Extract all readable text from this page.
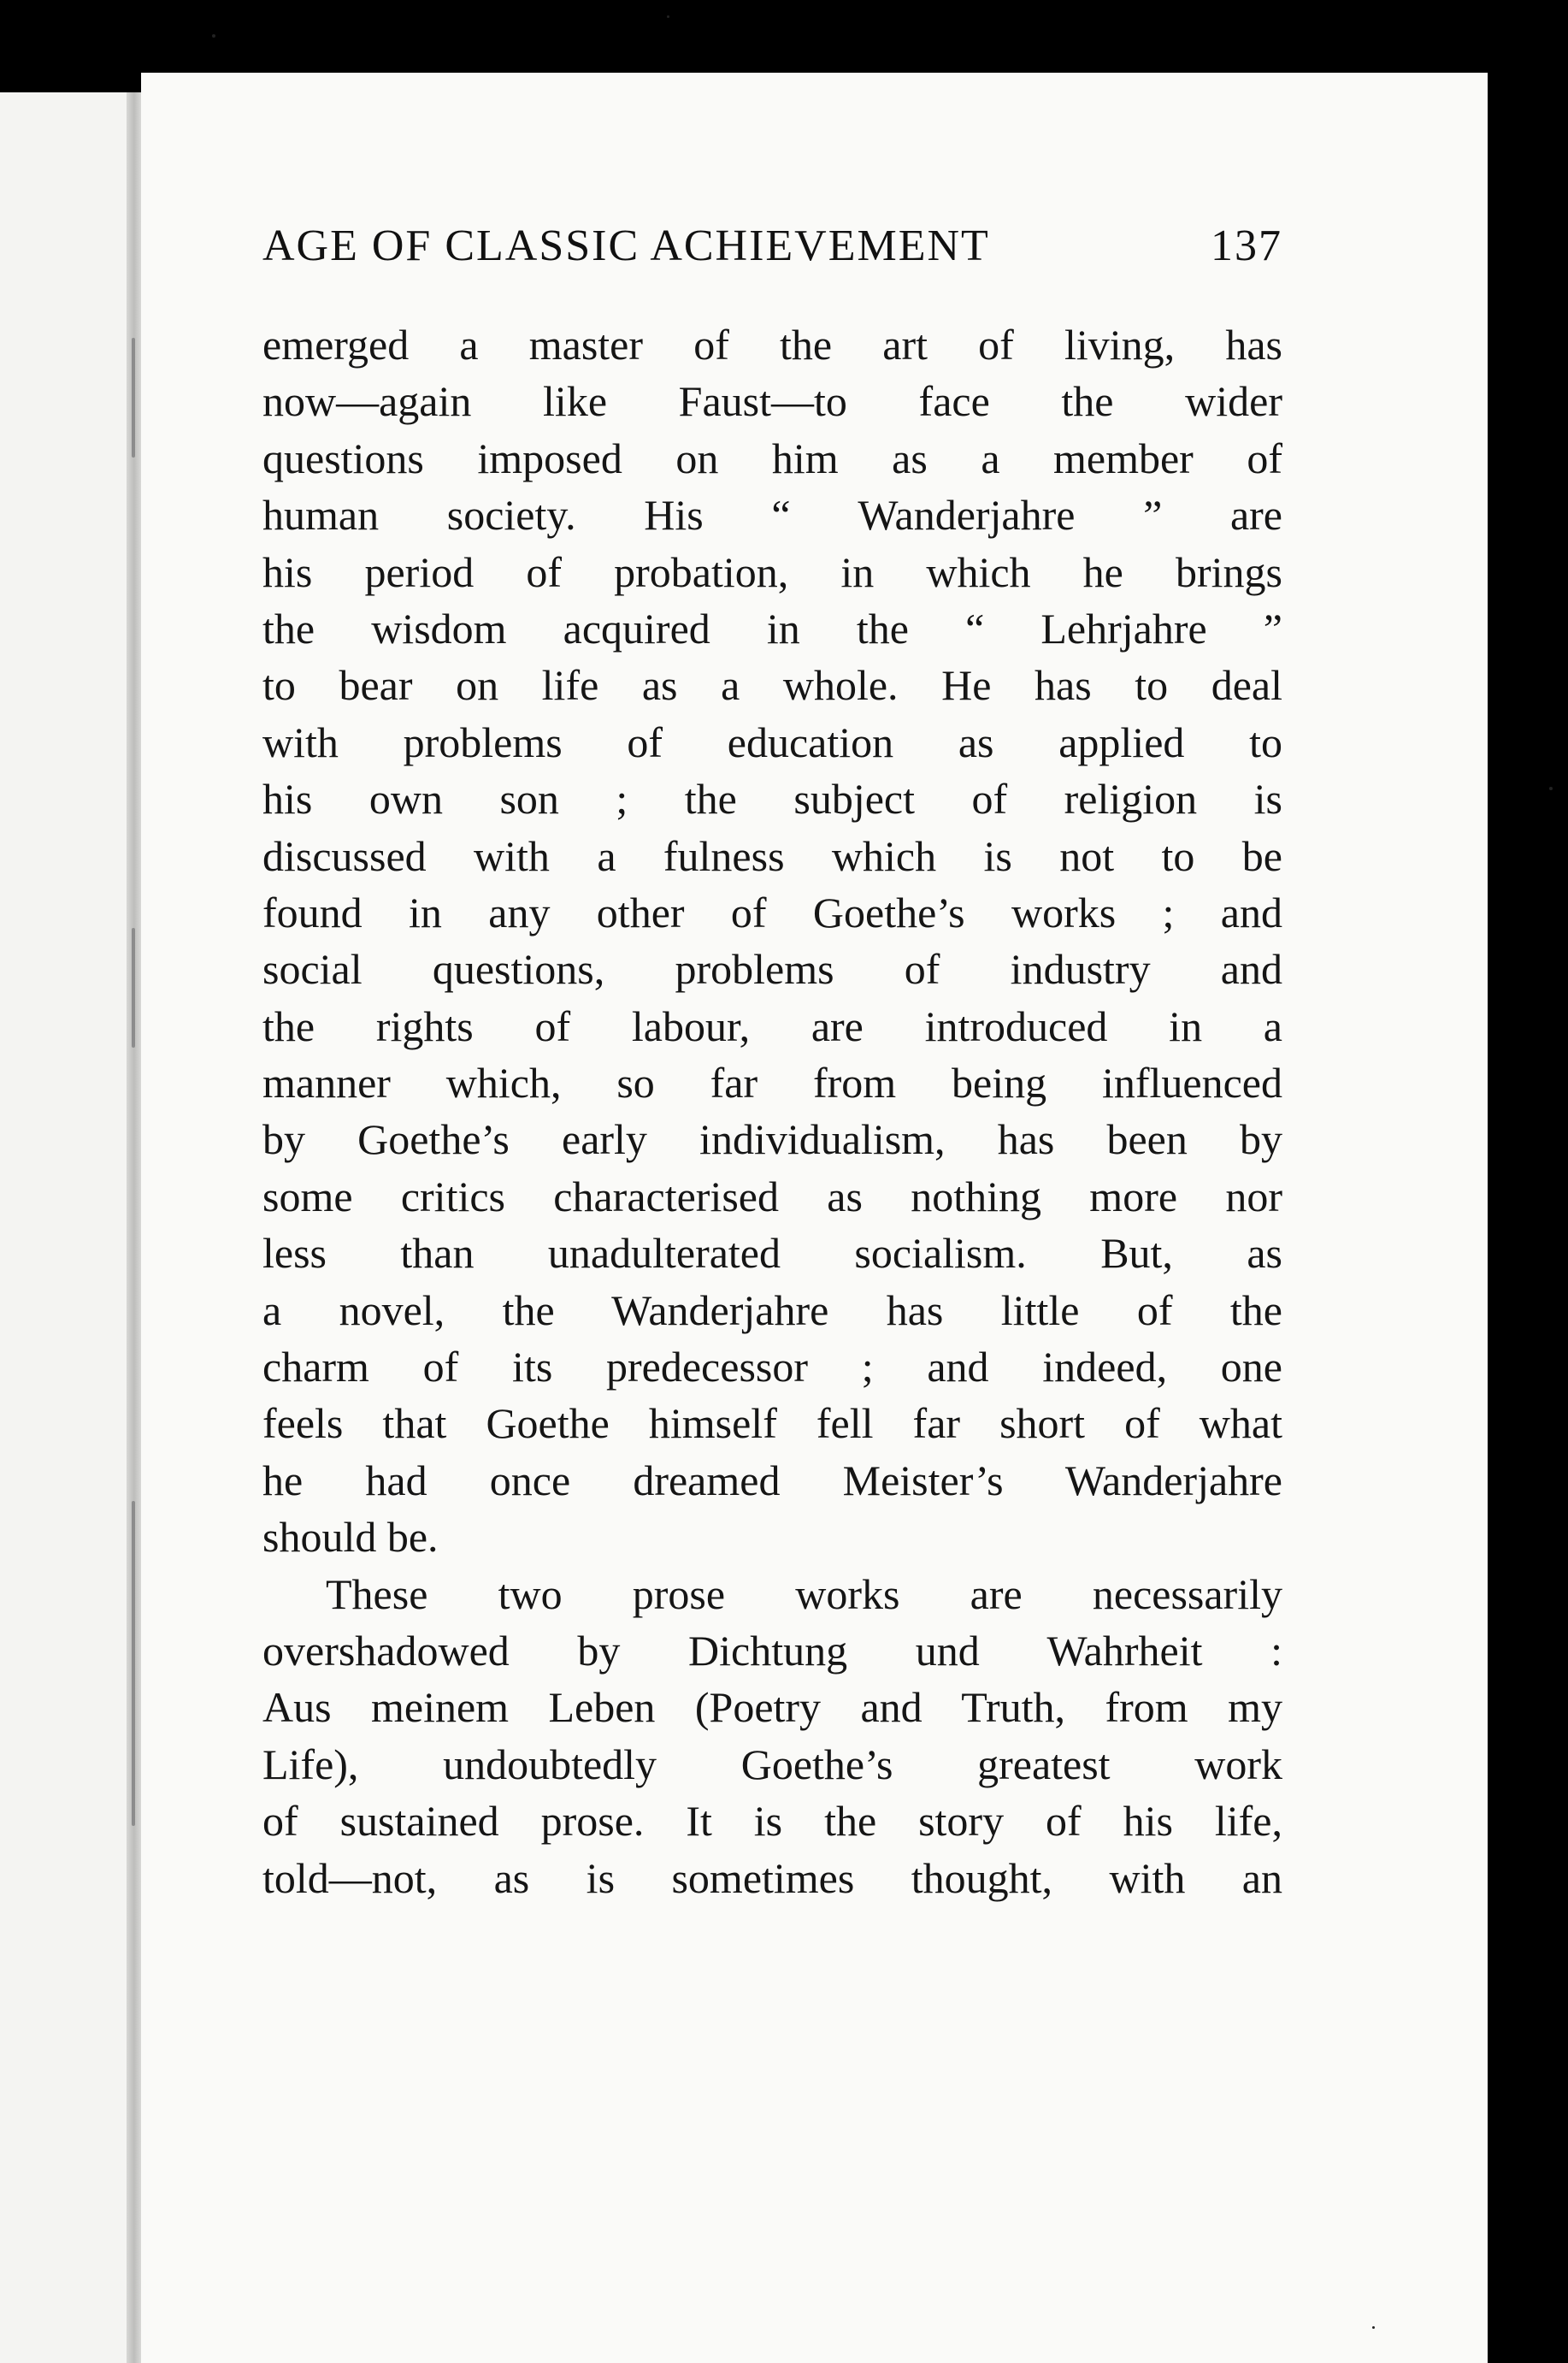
AGE OF CLASSIC ACHIEVEMENT	137
emerged a master of the art of living, has
now—again like Faust—to face the wider
questions imposed on him as a member of
human society. His “ Wanderjahre ” are
his period of probation, in which he brings
the wisdom acquired in the “ Lehrjahre ”
to bear on life as a whole. He has to deal
with problems of education as applied to
his own son ; the subject of religion is
discussed with a fulness which is not to be
found in any other of Goethe’s works ; and
social questions, problems of industry and
the rights of labour, are introduced in a
manner which, so far from being influenced
by Goethe’s early individualism, has been by
some critics characterised as nothing more nor
less than unadulterated socialism. But, as
a novel, the Wanderjahre has little of the
charm of its predecessor ; and indeed, one
feels that Goethe himself fell far short of what
he had once dreamed Meister’s Wanderjahre
should be.
These two prose works are necessarily
overshadowed by Dichtung und Wahrheit :
Aus meinem Leben (Poetry and Truth, from my
Life), undoubtedly Goethe’s greatest work
of sustained prose. It is the story of his life,
told—not, as is sometimes thought, with an
